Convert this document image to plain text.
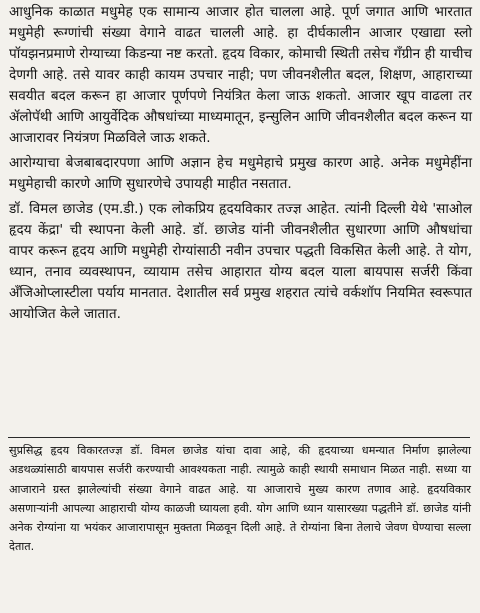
आधुनिक काळात मधुमेह एक सामान्य आजार होत चालला आहे. पूर्ण जगात आणि भारतात मधुमेही रूग्णांची संख्या वेगाने वाढत चालली आहे. हा दीर्घकालीन आजार एखाद्या स्लो पॉयझनप्रमाणे रोग्याच्या किडन्या नष्ट करतो. हृदय विकार, कोमाची स्थिती तसेच गँग्रीन ही याचीच देणगी आहे. तसे यावर काही कायम उपचार नाही; पण जीवनशैलीत बदल, शिक्षण, आहाराच्या सवयीत बदल करून हा आजार पूर्णपणे नियंत्रित केला जाऊ शकतो. आजार खूप वाढला तर ॲलोपॅथी आणि आयुर्वेदिक औषधांच्या माध्यमातून, इन्सुलिन आणि जीवनशैलीत बदल करून या आजारावर नियंत्रण मिळविले जाऊ शकते.

आरोग्याचा बेजबाबदारपणा आणि अज्ञान हेच मधुमेहाचे प्रमुख कारण आहे. अनेक मधुमेहींना मधुमेहाची कारणे आणि सुधारणेचे उपायही माहीत नसतात.

डॉ. विमल छाजेड (एम.डी.) एक लोकप्रिय हृदयविकार तज्ज्ञ आहेत. त्यांनी दिल्ली येथे 'साओल हृदय केंद्रा' ची स्थापना केली आहे. डॉ. छाजेड यांनी जीवनशैलीत सुधारणा आणि औषधांचा वापर करून हृदय आणि मधुमेही रोग्यांसाठी नवीन उपचार पद्धती विकसित केली आहे. ते योग, ध्यान, तनाव व्यवस्थापन, व्यायाम तसेच आहारात योग्य बदल याला बायपास सर्जरी किंवा अँजिओप्लास्टीला पर्याय मानतात. देशातील सर्व प्रमुख शहरात त्यांचे वर्कशॉप नियमित स्वरूपात आयोजित केले जातात.

सुप्रसिद्ध हृदय विकारतज्ज्ञ डॉ. विमल छाजेड यांचा दावा आहे, की हृदयाच्या धमन्यात निर्माण झालेल्या अडथळ्यांसाठी बायपास सर्जरी करण्याची आवश्यकता नाही. त्यामुळे काही स्थायी समाधान मिळत नाही. सध्या या आजाराने ग्रस्त झालेल्यांची संख्या वेगाने वाढत आहे. या आजाराचे मुख्य कारण तणाव आहे. हृदयविकार असणाऱ्यांनी आपल्या आहाराची योग्य काळजी घ्यायला हवी. योग आणि ध्यान यासारख्या पद्धतीने डॉ. छाजेड यांनी अनेक रोग्यांना या भयंकर आजारापासून मुक्तता मिळवून दिली आहे. ते रोग्यांना बिना तेलाचे जेवण घेण्याचा सल्ला देतात.
